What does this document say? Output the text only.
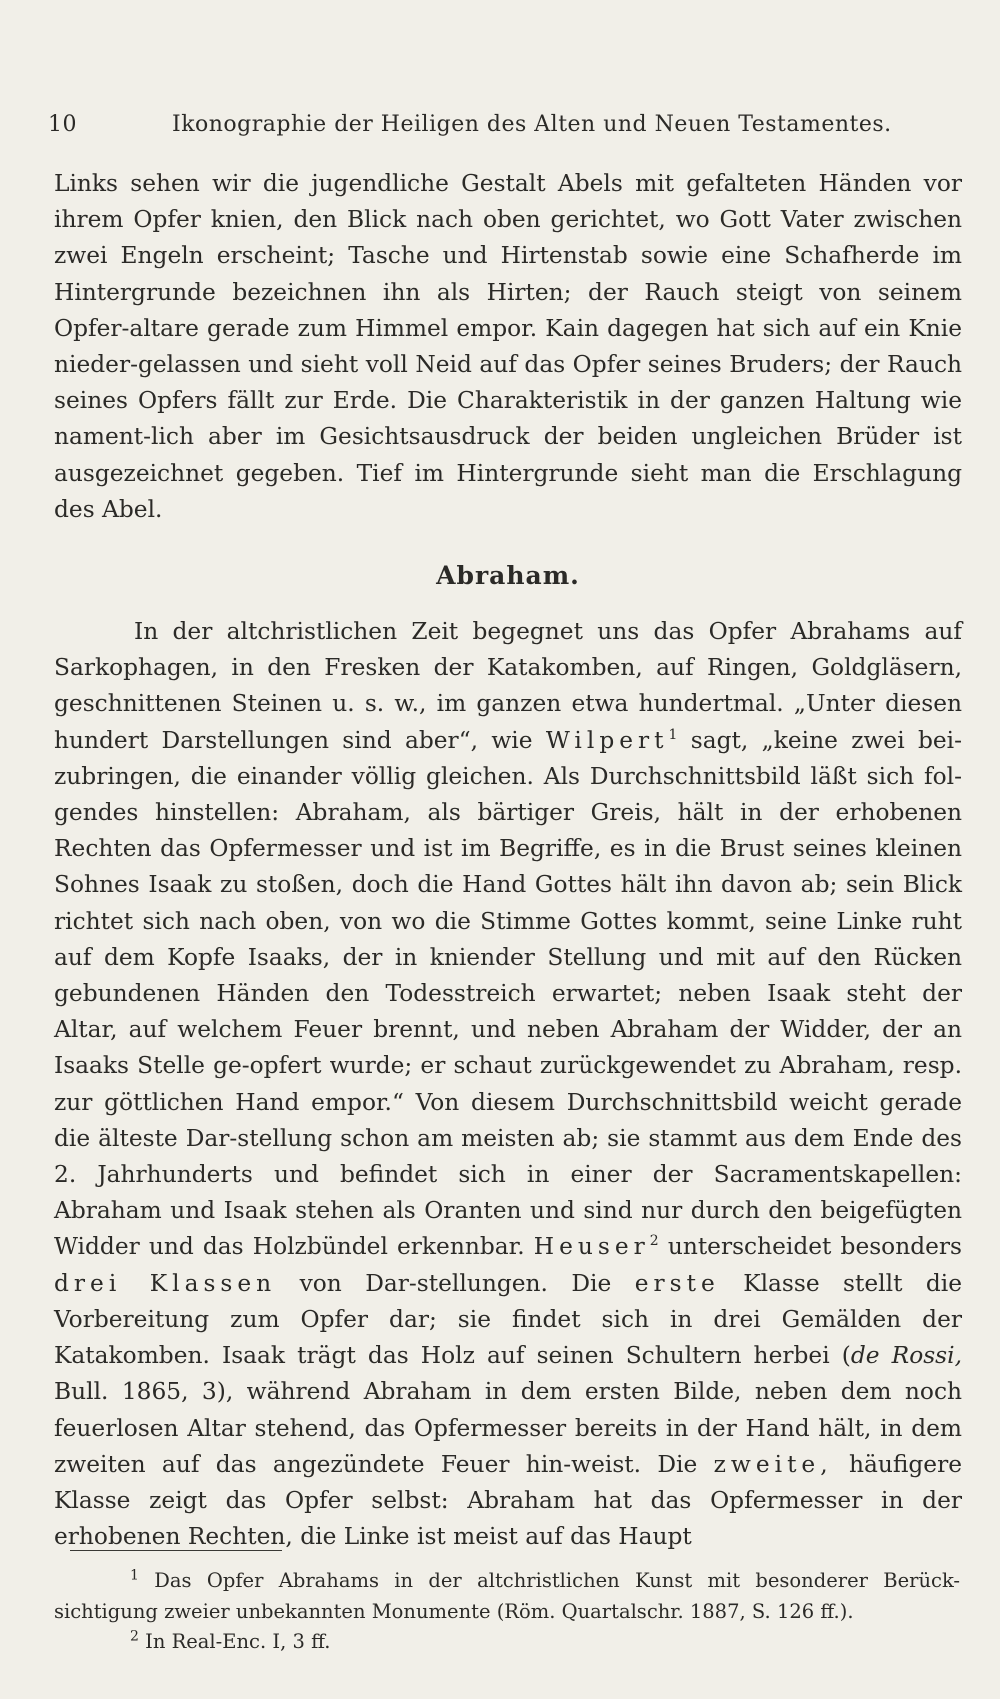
10	Ikonographie der Heiligen des Alten und Neuen Testamentes.

Links sehen wir die jugendliche Gestalt Abels mit gefalteten Händen vor ihrem Opfer knien, den Blick nach oben gerichtet, wo Gott Vater zwischen zwei Engeln erscheint; Tasche und Hirtenstab sowie eine Schafherde im Hintergrunde bezeichnen ihn als Hirten; der Rauch steigt von seinem Opfer-altare gerade zum Himmel empor. Kain dagegen hat sich auf ein Knie nieder-gelassen und sieht voll Neid auf das Opfer seines Bruders; der Rauch seines Opfers fällt zur Erde. Die Charakteristik in der ganzen Haltung wie nament-lich aber im Gesichtsausdruck der beiden ungleichen Brüder ist ausgezeichnet gegeben. Tief im Hintergrunde sieht man die Erschlagung des Abel.

Abraham.

In der altchristlichen Zeit begegnet uns das Opfer Abrahams auf Sarkophagen, in den Fresken der Katakomben, auf Ringen, Goldgläsern, geschnittenen Steinen u. s. w., im ganzen etwa hundertmal. „Unter diesen hundert Darstellungen sind aber“, wie Wilpert$^1$ sagt, „keine zwei bei-zubringen, die einander völlig gleichen. Als Durchschnittsbild läßt sich fol-gendes hinstellen: Abraham, als bärtiger Greis, hält in der erhobenen Rechten das Opfermesser und ist im Begriffe, es in die Brust seines kleinen Sohnes Isaak zu stoßen, doch die Hand Gottes hält ihn davon ab; sein Blick richtet sich nach oben, von wo die Stimme Gottes kommt, seine Linke ruht auf dem Kopfe Isaaks, der in kniender Stellung und mit auf den Rücken gebundenen Händen den Todesstreich erwartet; neben Isaak steht der Altar, auf welchem Feuer brennt, und neben Abraham der Widder, der an Isaaks Stelle ge-opfert wurde; er schaut zurückgewendet zu Abraham, resp. zur göttlichen Hand empor.“ Von diesem Durchschnittsbild weicht gerade die älteste Dar-stellung schon am meisten ab; sie stammt aus dem Ende des 2. Jahrhunderts und befindet sich in einer der Sacramentskapellen: Abraham und Isaak stehen als Oranten und sind nur durch den beigefügten Widder und das Holzbündel erkennbar. Heuser$^2$ unterscheidet besonders drei Klassen von Dar-stellungen. Die erste Klasse stellt die Vorbereitung zum Opfer dar; sie findet sich in drei Gemälden der Katakomben. Isaak trägt das Holz auf seinen Schultern herbei (de Rossi, Bull. 1865, 3), während Abraham in dem ersten Bilde, neben dem noch feuerlosen Altar stehend, das Opfermesser bereits in der Hand hält, in dem zweiten auf das angezündete Feuer hin-weist. Die zweite, häufigere Klasse zeigt das Opfer selbst: Abraham hat das Opfermesser in der erhobenen Rechten, die Linke ist meist auf das Haupt

$^1$ Das Opfer Abrahams in der altchristlichen Kunst mit besonderer Berück-sichtigung zweier unbekannten Monumente (Röm. Quartalschr. 1887, S. 126 ff.).

$^2$ In Real-Enc. I, 3 ff.
